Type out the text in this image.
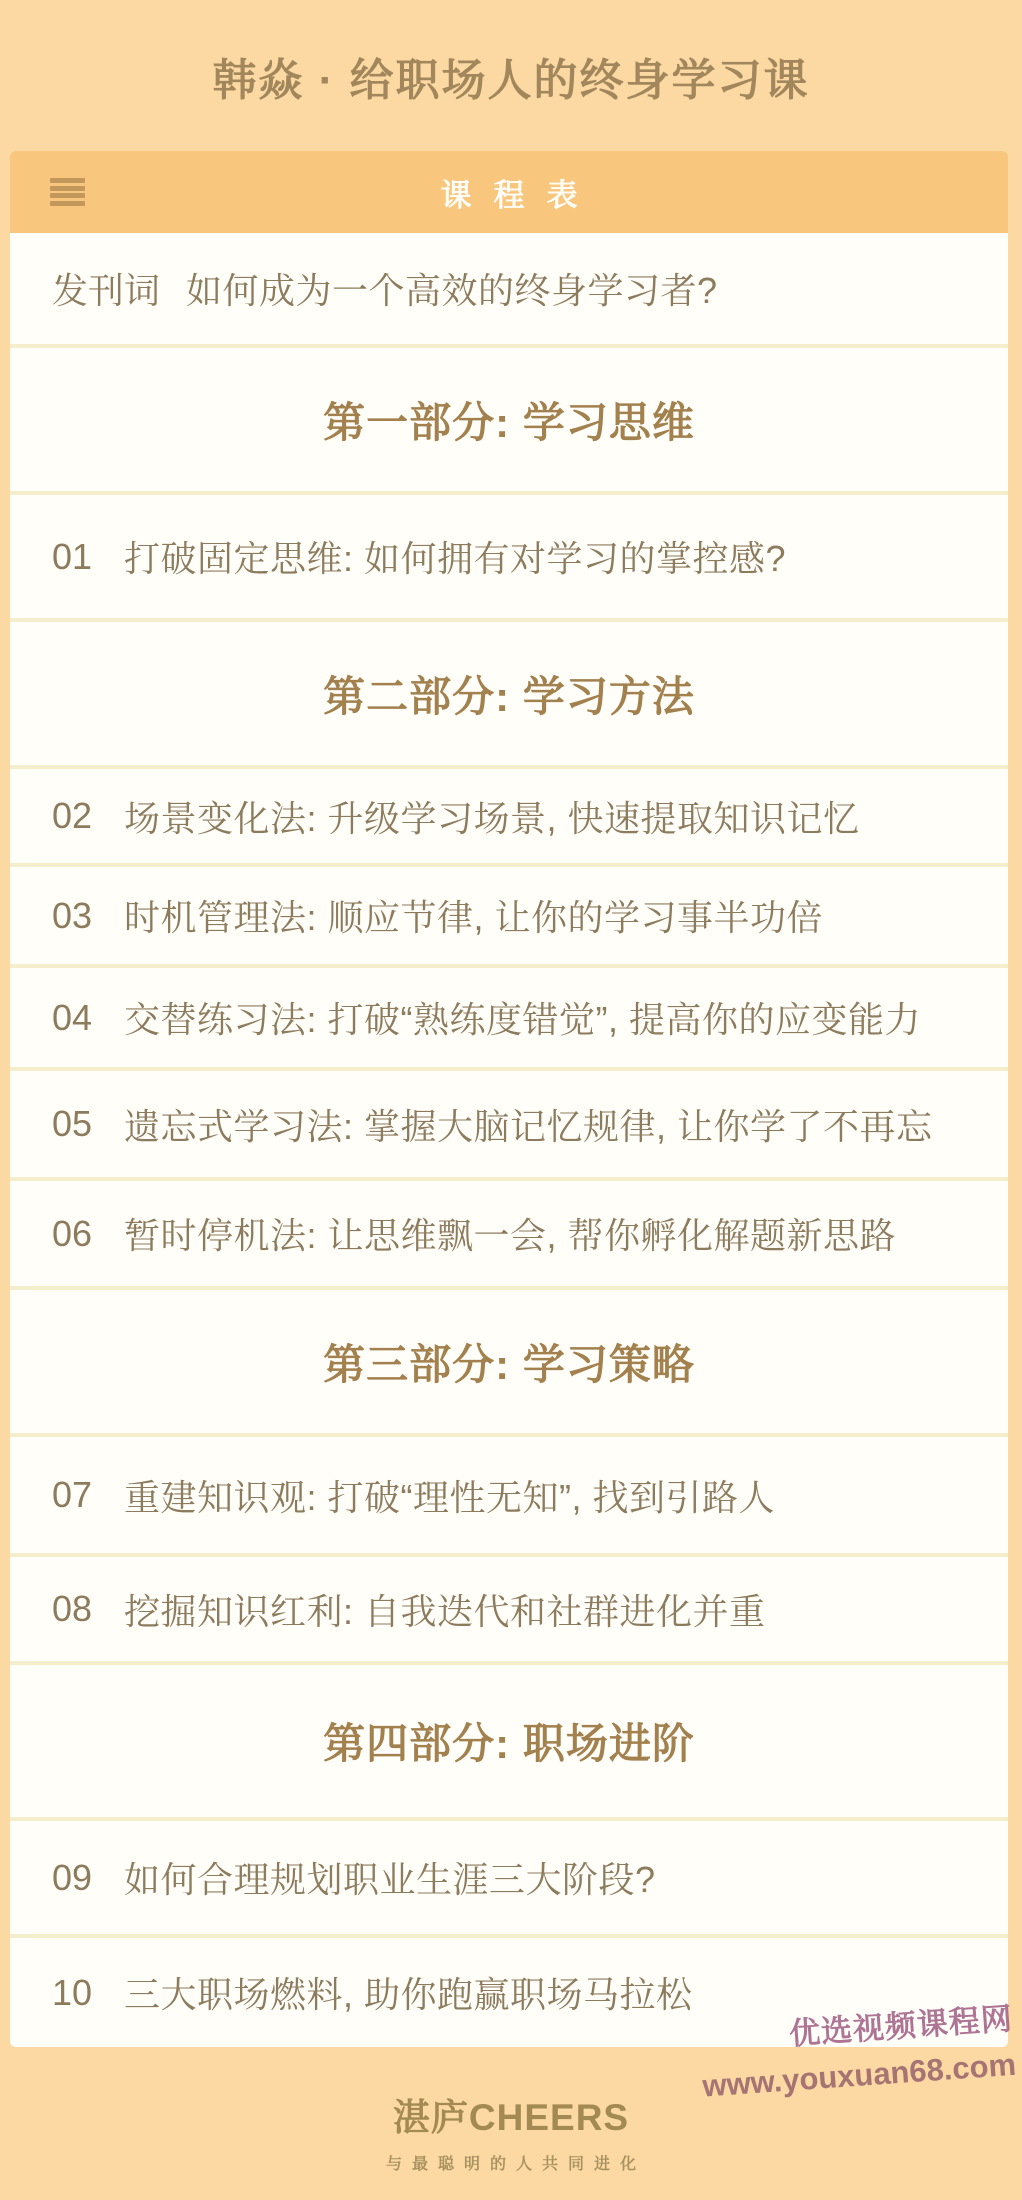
韩焱 · 给职场人的终身学习课
课程表
发刊词 如何成为一个高效的终身学习者?
第一部分: 学习思维
01 打破固定思维: 如何拥有对学习的掌控感?
第二部分: 学习方法
02 场景变化法: 升级学习场景, 快速提取知识记忆
03 时机管理法: 顺应节律, 让你的学习事半功倍
04 交替练习法: 打破“熟练度错觉”, 提高你的应变能力
05 遗忘式学习法: 掌握大脑记忆规律, 让你学了不再忘
06 暂时停机法: 让思维飘一会, 帮你孵化解题新思路
第三部分: 学习策略
07 重建知识观: 打破“理性无知”, 找到引路人
08 挖掘知识红利: 自我迭代和社群进化并重
第四部分: 职场进阶
09 如何合理规划职业生涯三大阶段?
10 三大职场燃料, 助你跑赢职场马拉松
湛庐CHEERS
与最聪明的人共同进化
优选视频课程网
www.youxuan68.com
